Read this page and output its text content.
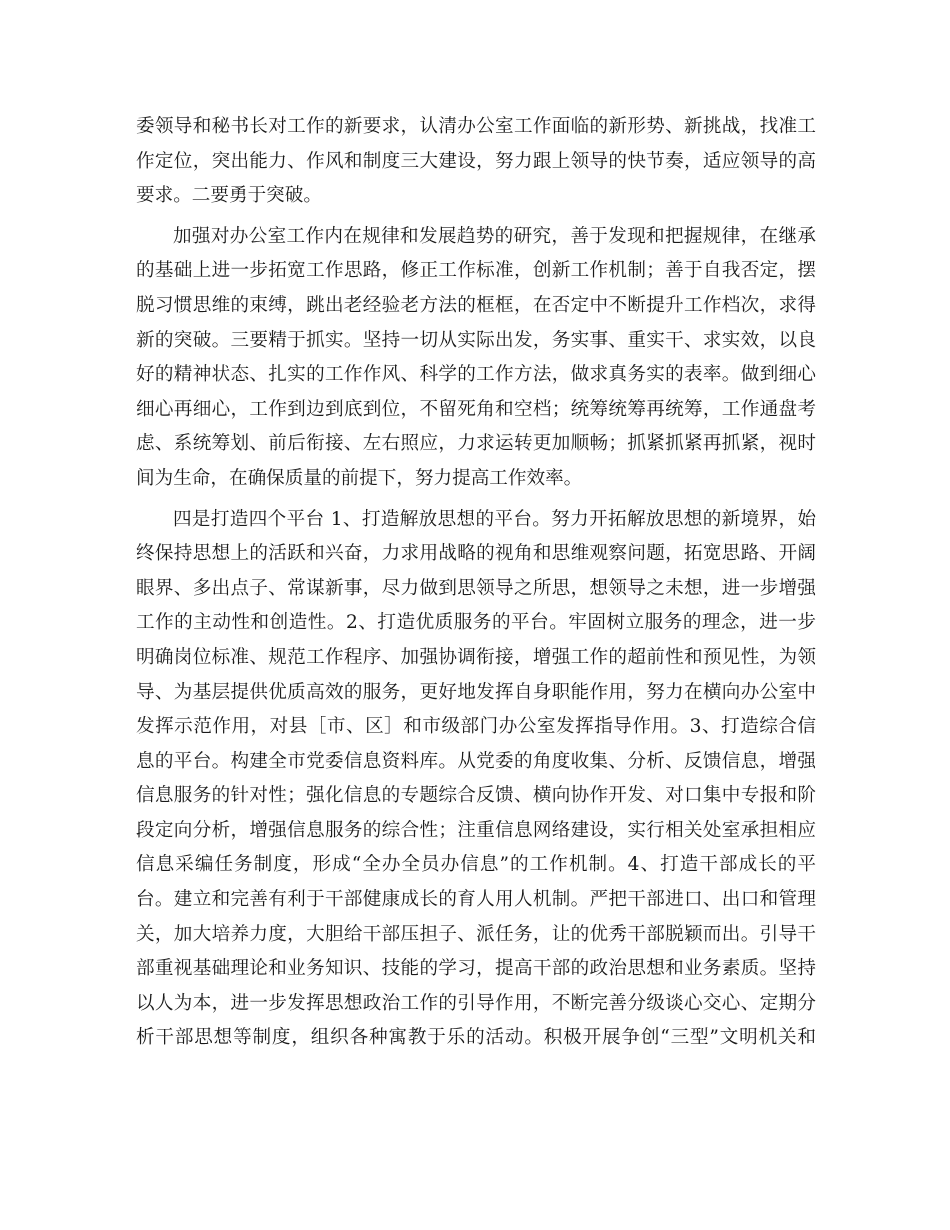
委领导和秘书长对工作的新要求，认清办公室工作面临的新形势、新挑战，找准工
作定位，突出能力、作风和制度三大建设，努力跟上领导的快节奏，适应领导的高
要求。二要勇于突破。
加强对办公室工作内在规律和发展趋势的研究，善于发现和把握规律，在继承
的基础上进一步拓宽工作思路，修正工作标准，创新工作机制；善于自我否定，摆
脱习惯思维的束缚，跳出老经验老方法的框框，在否定中不断提升工作档次，求得
新的突破。三要精于抓实。坚持一切从实际出发，务实事、重实干、求实效，以良
好的精神状态、扎实的工作作风、科学的工作方法，做求真务实的表率。做到细心
细心再细心，工作到边到底到位，不留死角和空档；统筹统筹再统筹，工作通盘考
虑、系统筹划、前后衔接、左右照应，力求运转更加顺畅；抓紧抓紧再抓紧，视时
间为生命，在确保质量的前提下，努力提高工作效率。
四是打造四个平台 1、打造解放思想的平台。努力开拓解放思想的新境界，始
终保持思想上的活跃和兴奋，力求用战略的视角和思维观察问题，拓宽思路、开阔
眼界、多出点子、常谋新事，尽力做到思领导之所思，想领导之未想，进一步增强
工作的主动性和创造性。2、打造优质服务的平台。牢固树立服务的理念，进一步
明确岗位标准、规范工作程序、加强协调衔接，增强工作的超前性和预见性，为领
导、为基层提供优质高效的服务，更好地发挥自身职能作用，努力在横向办公室中
发挥示范作用，对县［市、区］和市级部门办公室发挥指导作用。3、打造综合信
息的平台。构建全市党委信息资料库。从党委的角度收集、分析、反馈信息，增强
信息服务的针对性；强化信息的专题综合反馈、横向协作开发、对口集中专报和阶
段定向分析，增强信息服务的综合性；注重信息网络建设，实行相关处室承担相应
信息采编任务制度，形成“全办全员办信息”的工作机制。4、打造干部成长的平
台。建立和完善有利于干部健康成长的育人用人机制。严把干部进口、出口和管理
关，加大培养力度，大胆给干部压担子、派任务，让的优秀干部脱颖而出。引导干
部重视基础理论和业务知识、技能的学习，提高干部的政治思想和业务素质。坚持
以人为本，进一步发挥思想政治工作的引导作用，不断完善分级谈心交心、定期分
析干部思想等制度，组织各种寓教于乐的活动。积极开展争创“三型”文明机关和
